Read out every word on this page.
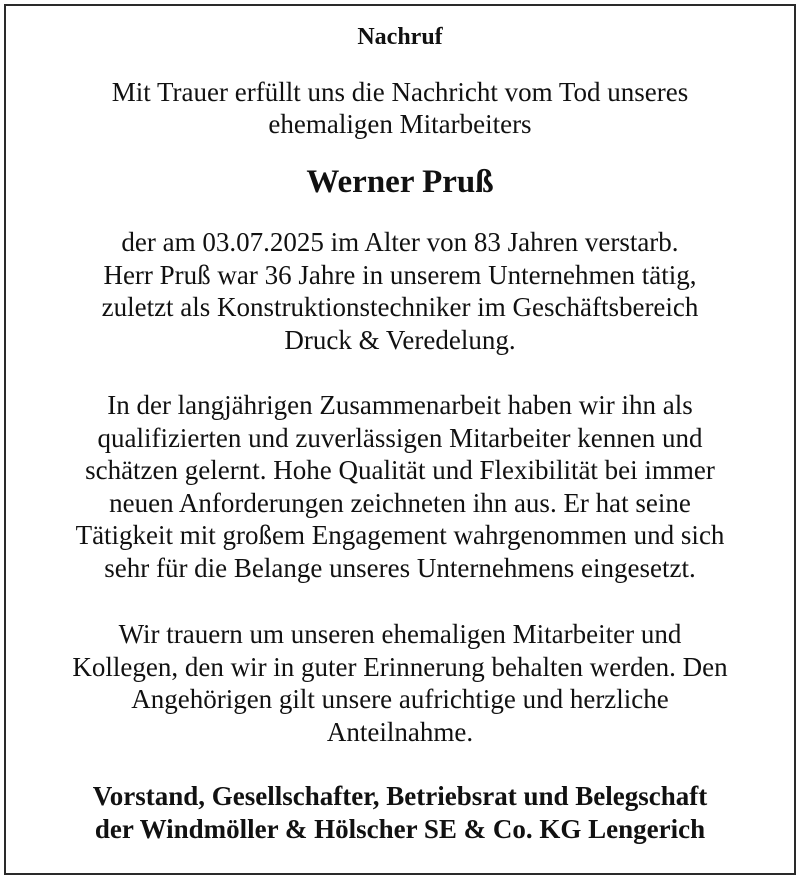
Nachruf
Mit Trauer erfüllt uns die Nachricht vom Tod unseres
ehemaligen Mitarbeiters
Werner Pruß
der am 03.07.2025 im Alter von 83 Jahren verstarb.
Herr Pruß war 36 Jahre in unserem Unternehmen tätig,
zuletzt als Konstruktionstechniker im Geschäftsbereich
Druck & Veredelung.
In der langjährigen Zusammenarbeit haben wir ihn als
qualifizierten und zuverlässigen Mitarbeiter kennen und
schätzen gelernt. Hohe Qualität und Flexibilität bei immer
neuen Anforderungen zeichneten ihn aus. Er hat seine
Tätigkeit mit großem Engagement wahrgenommen und sich
sehr für die Belange unseres Unternehmens eingesetzt.
Wir trauern um unseren ehemaligen Mitarbeiter und
Kollegen, den wir in guter Erinnerung behalten werden. Den
Angehörigen gilt unsere aufrichtige und herzliche
Anteilnahme.
Vorstand, Gesellschafter, Betriebsrat und Belegschaft
der Windmöller & Hölscher SE & Co. KG Lengerich
